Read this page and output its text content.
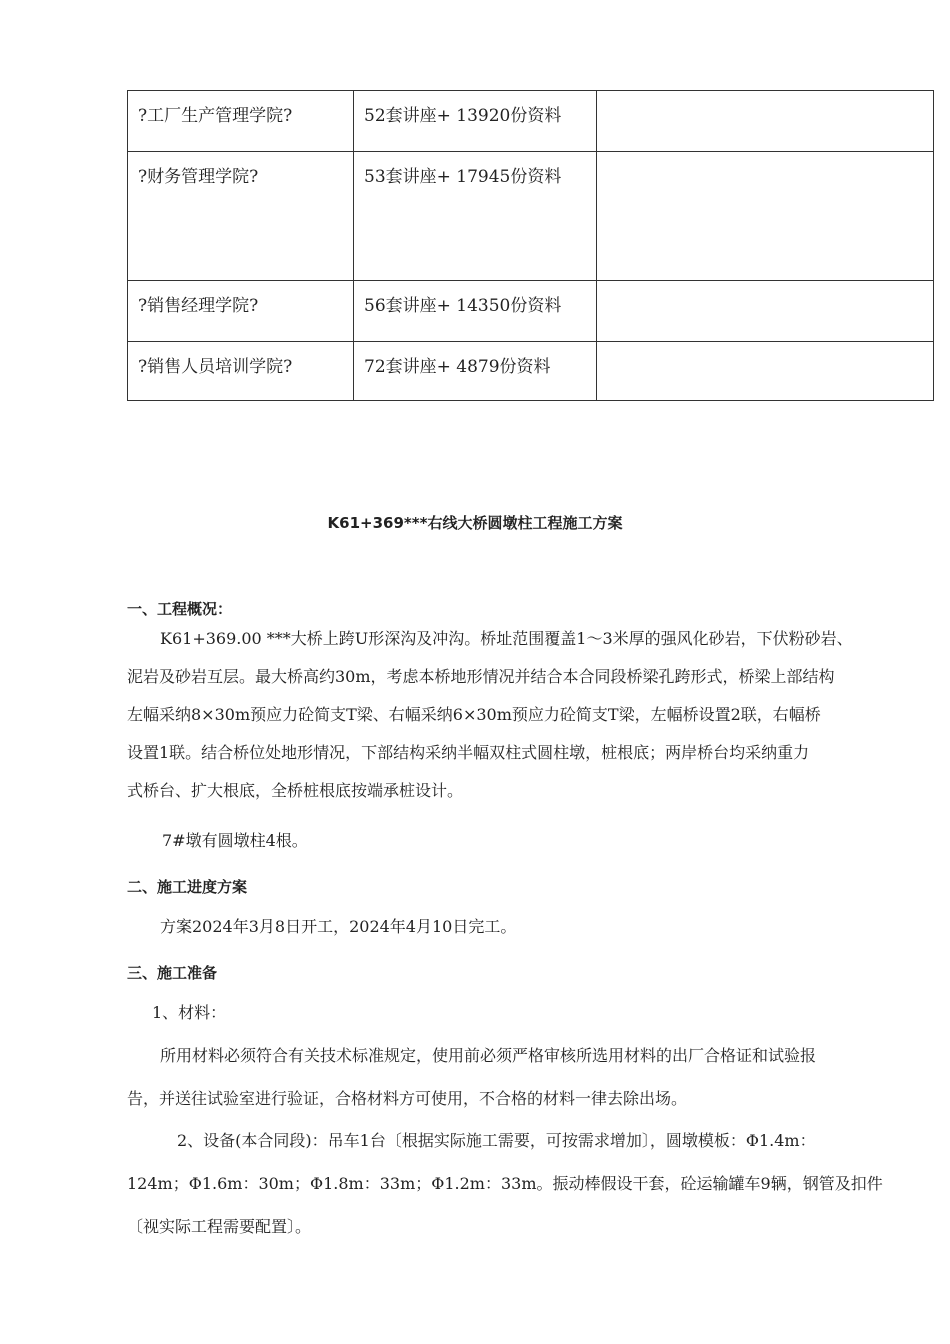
?工厂生产管理学院?	52套讲座+ 13920份资料	

?财务管理学院?	53套讲座+ 17945份资料	

?销售经理学院?	56套讲座+ 14350份资料	

?销售人员培训学院?	72套讲座+ 4879份资料	

K61+369***右线大桥圆墩柱工程施工方案
一、工程概况：
K61+369.00 ***大桥上跨U形深沟及冲沟。桥址范围覆盖1～3米厚的强风化砂岩，下伏粉砂岩、
泥岩及砂岩互层。最大桥高约30m，考虑本桥地形情况并结合本合同段桥梁孔跨形式，桥梁上部结构
左幅采纳8×30m预应力砼简支T梁、右幅采纳6×30m预应力砼简支T梁，左幅桥设置2联，右幅桥
设置1联。结合桥位处地形情况，下部结构采纳半幅双柱式圆柱墩，桩根底；两岸桥台均采纳重力
式桥台、扩大根底，全桥桩根底按端承桩设计。
7#墩有圆墩柱4根。
二、施工进度方案
方案2024年3月8日开工，2024年4月10日完工。
三、施工准备
1、材料：
所用材料必须符合有关技术标准规定，使用前必须严格审核所选用材料的出厂合格证和试验报
告，并送往试验室进行验证，合格材料方可使用，不合格的材料一律去除出场。
2、设备(本合同段)：吊车1台〔根据实际施工需要，可按需求增加〕，圆墩模板：Φ1.4m：
124m；Φ1.6m：30m；Φ1.8m：33m；Φ1.2m：33m。振动棒假设干套，砼运输罐车9辆，钢管及扣件
〔视实际工程需要配置〕。
